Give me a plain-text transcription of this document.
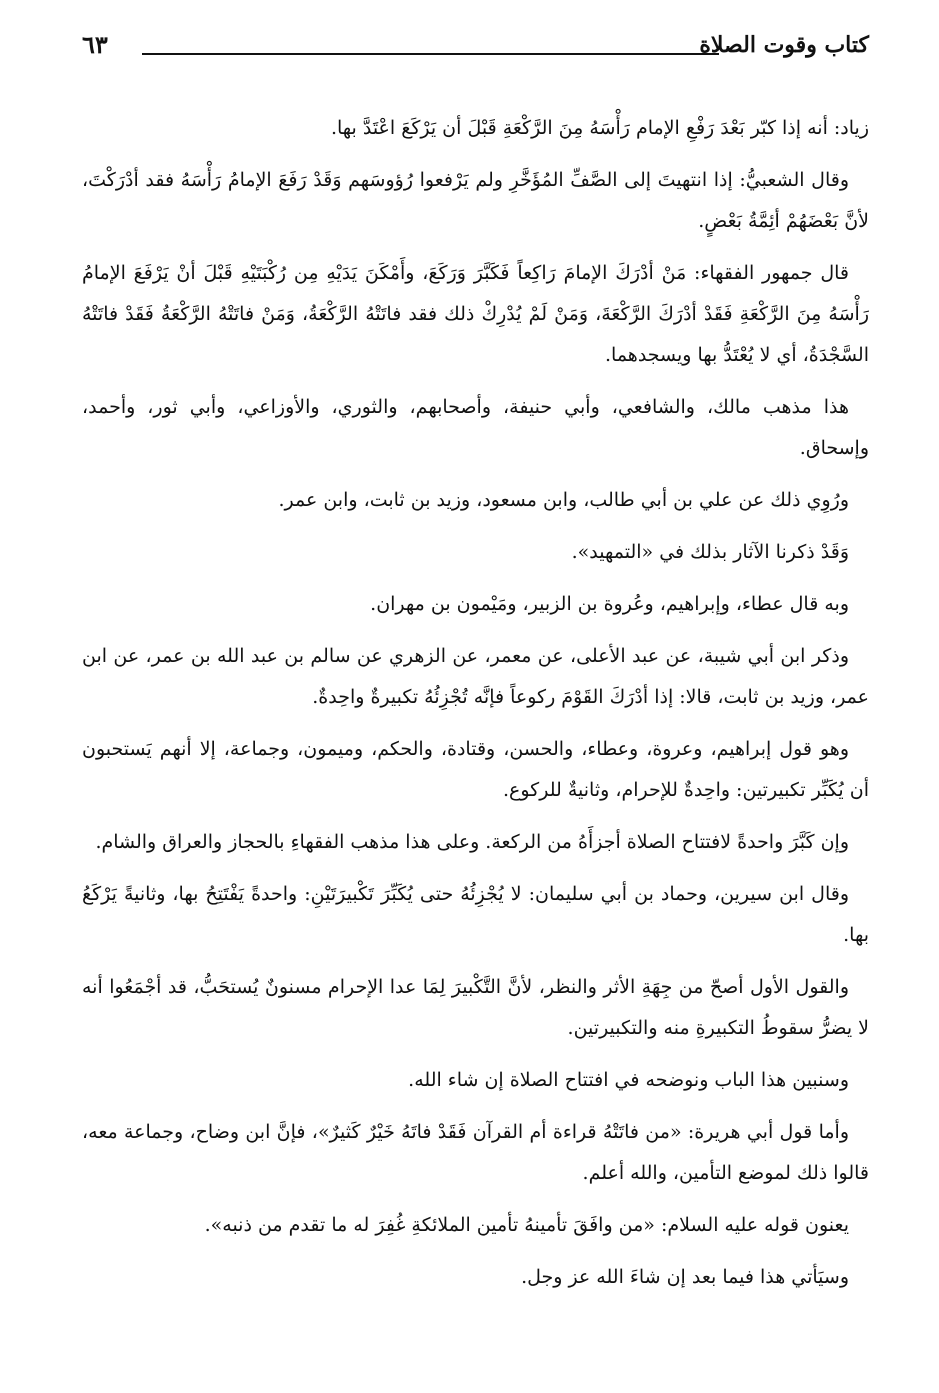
كتاب وقوت الصلاة
٦٣

زياد: أنه إذا كبّر بَعْدَ رَفْعِ الإمام رَأْسَهُ مِنَ الرَّكْعَةِ قَبْلَ أن يَرْكَعَ اعْتَدَّ بها.

وقال الشعبيُّ: إذا انتهيتَ إلى الصَّفِّ المُؤَخَّرِ ولم يَرْفعوا رُؤوسَهم وَقَدْ رَفَعَ الإمامُ رَأْسَهُ فقد أدْرَكْتَ، لأنَّ بَعْضَهُمْ أئِمَّةُ بَعْضٍ.

قال جمهور الفقهاء: مَنْ أدْرَكَ الإمامَ رَاكِعاً فَكَبَّرَ وَرَكَعَ، وأَمْكَنَ يَدَيْهِ مِن رُكْبَتَيْهِ قَبْلَ أنْ يَرْفَعَ الإمامُ رَأْسَهُ مِنَ الرَّكْعَةِ فَقَدْ أدْرَكَ الرَّكْعَةَ، وَمَنْ لَمْ يُدْرِكْ ذلك فقد فاتَتْهُ الرَّكْعَةُ، وَمَنْ فاتَتْهُ الرَّكْعَةُ فَقَدْ فاتَتْهُ السَّجْدَةُ، أي لا يُعْتَدُّ بها ويسجدهما.

هذا مذهب مالك، والشافعي، وأبي حنيفة، وأصحابهم، والثوري، والأوزاعي، وأبي ثور، وأحمد، وإسحاق.

ورُوِي ذلك عن علي بن أبي طالب، وابن مسعود، وزيد بن ثابت، وابن عمر.

وَقَدْ ذكرنا الآثار بذلك في «التمهيد».

وبه قال عطاء، وإبراهيم، وعُروة بن الزبير، ومَيْمون بن مهران.

وذكر ابن أبي شيبة، عن عبد الأعلى، عن معمر، عن الزهري عن سالم بن عبد الله بن عمر، عن ابن عمر، وزيد بن ثابت، قالا: إذا أدْرَكَ القَوْمَ ركوعاً فإنَّه تُجْزِئُهُ تكبيرةٌ واحِدةٌ.

وهو قول إبراهيم، وعروة، وعطاء، والحسن، وقتادة، والحكم، وميمون، وجماعة، إلا أنهم يَستحبون أن يُكَبِّر تكبيرتين: واحِدةٌ للإحرام، وثانيةٌ للركوع.

وإن كَبَّرَ واحدةً لافتتاح الصلاة أجزأَهُ من الركعة. وعلى هذا مذهب الفقهاءِ بالحجاز والعراق والشام.

وقال ابن سيرين، وحماد بن أبي سليمان: لا يُجْزِئُهُ حتى يُكَبِّرَ تَكْبيرَتَيْنِ: واحدةً يَفْتَتِحُ بها، وثانيةً يَرْكَعُ بها.

والقول الأول أصحّ من جِهَةِ الأثر والنظر، لأنَّ التَّكْبيرَ لِمَا عدا الإحرام مسنونٌ يُستحَبُّ، قد أجْمَعُوا أنه لا يضرُّ سقوطُ التكبيرةِ منه والتكبيرتين.

وسنبين هذا الباب ونوضحه في افتتاح الصلاة إن شاء الله.

وأما قول أبي هريرة: «من فاتَتْهُ قراءة أم القرآن فَقَدْ فاتَهُ خَيْرٌ كَثيرٌ»، فإنَّ ابن وضاح، وجماعة معه، قالوا ذلك لموضع التأمين، والله أعلم.

يعنون قوله عليه السلام: «من وافَقَ تأمينهُ تأمين الملائكةِ غُفِرَ له ما تقدم من ذنبه».

وسيَأتي هذا فيما بعد إن شاءَ الله عز وجل.
